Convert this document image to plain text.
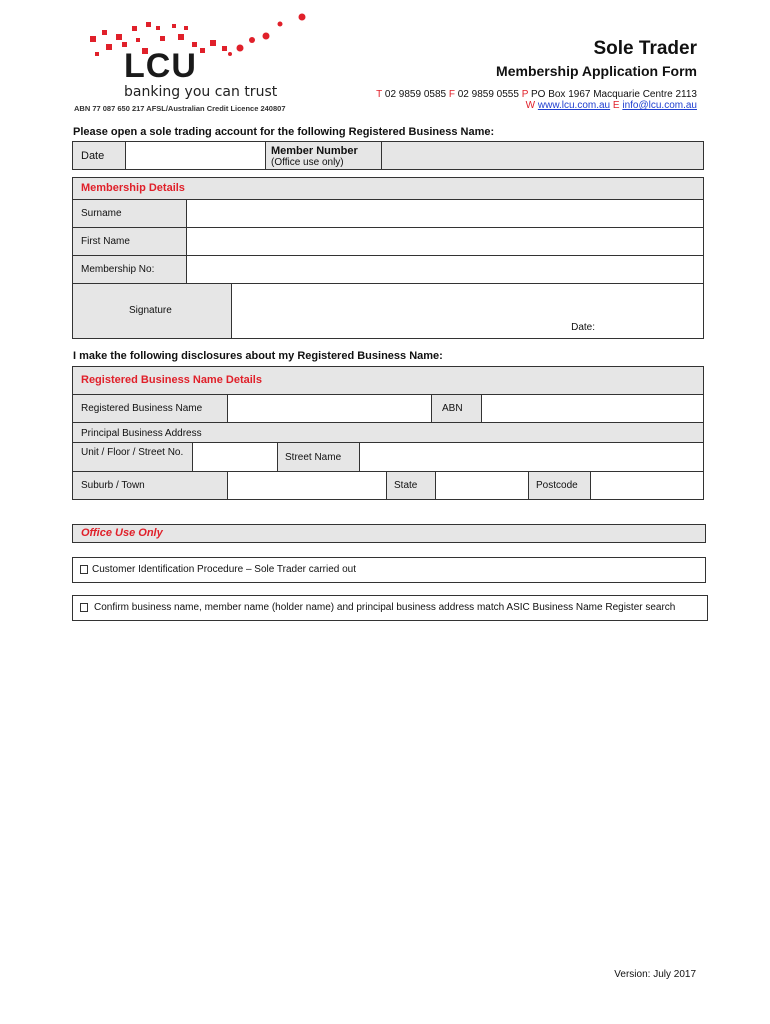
LCU
banking you can trust
ABN 77 087 650 217 AFSL/Australian Credit Licence 240807
Sole Trader
Membership Application Form
T 02 9859 0585 F 02 9859 0555 P PO Box 1967 Macquarie Centre 2113
W www.lcu.com.au E info@lcu.com.au
Please open a sole trading account for the following Registered Business Name:
Date	Member Number
(Office use only)
Membership Details
Surname
First Name
Membership No:
Signature
Date:
I make the following disclosures about my Registered Business Name:
Registered Business Name Details
Registered Business Name	ABN
Principal Business Address
Unit / Floor / Street No.	Street Name
Suburb / Town	State	Postcode
Office Use Only
Customer Identification Procedure – Sole Trader carried out
Confirm business name, member name (holder name) and principal business address match ASIC Business Name Register search
Version: July 2017
